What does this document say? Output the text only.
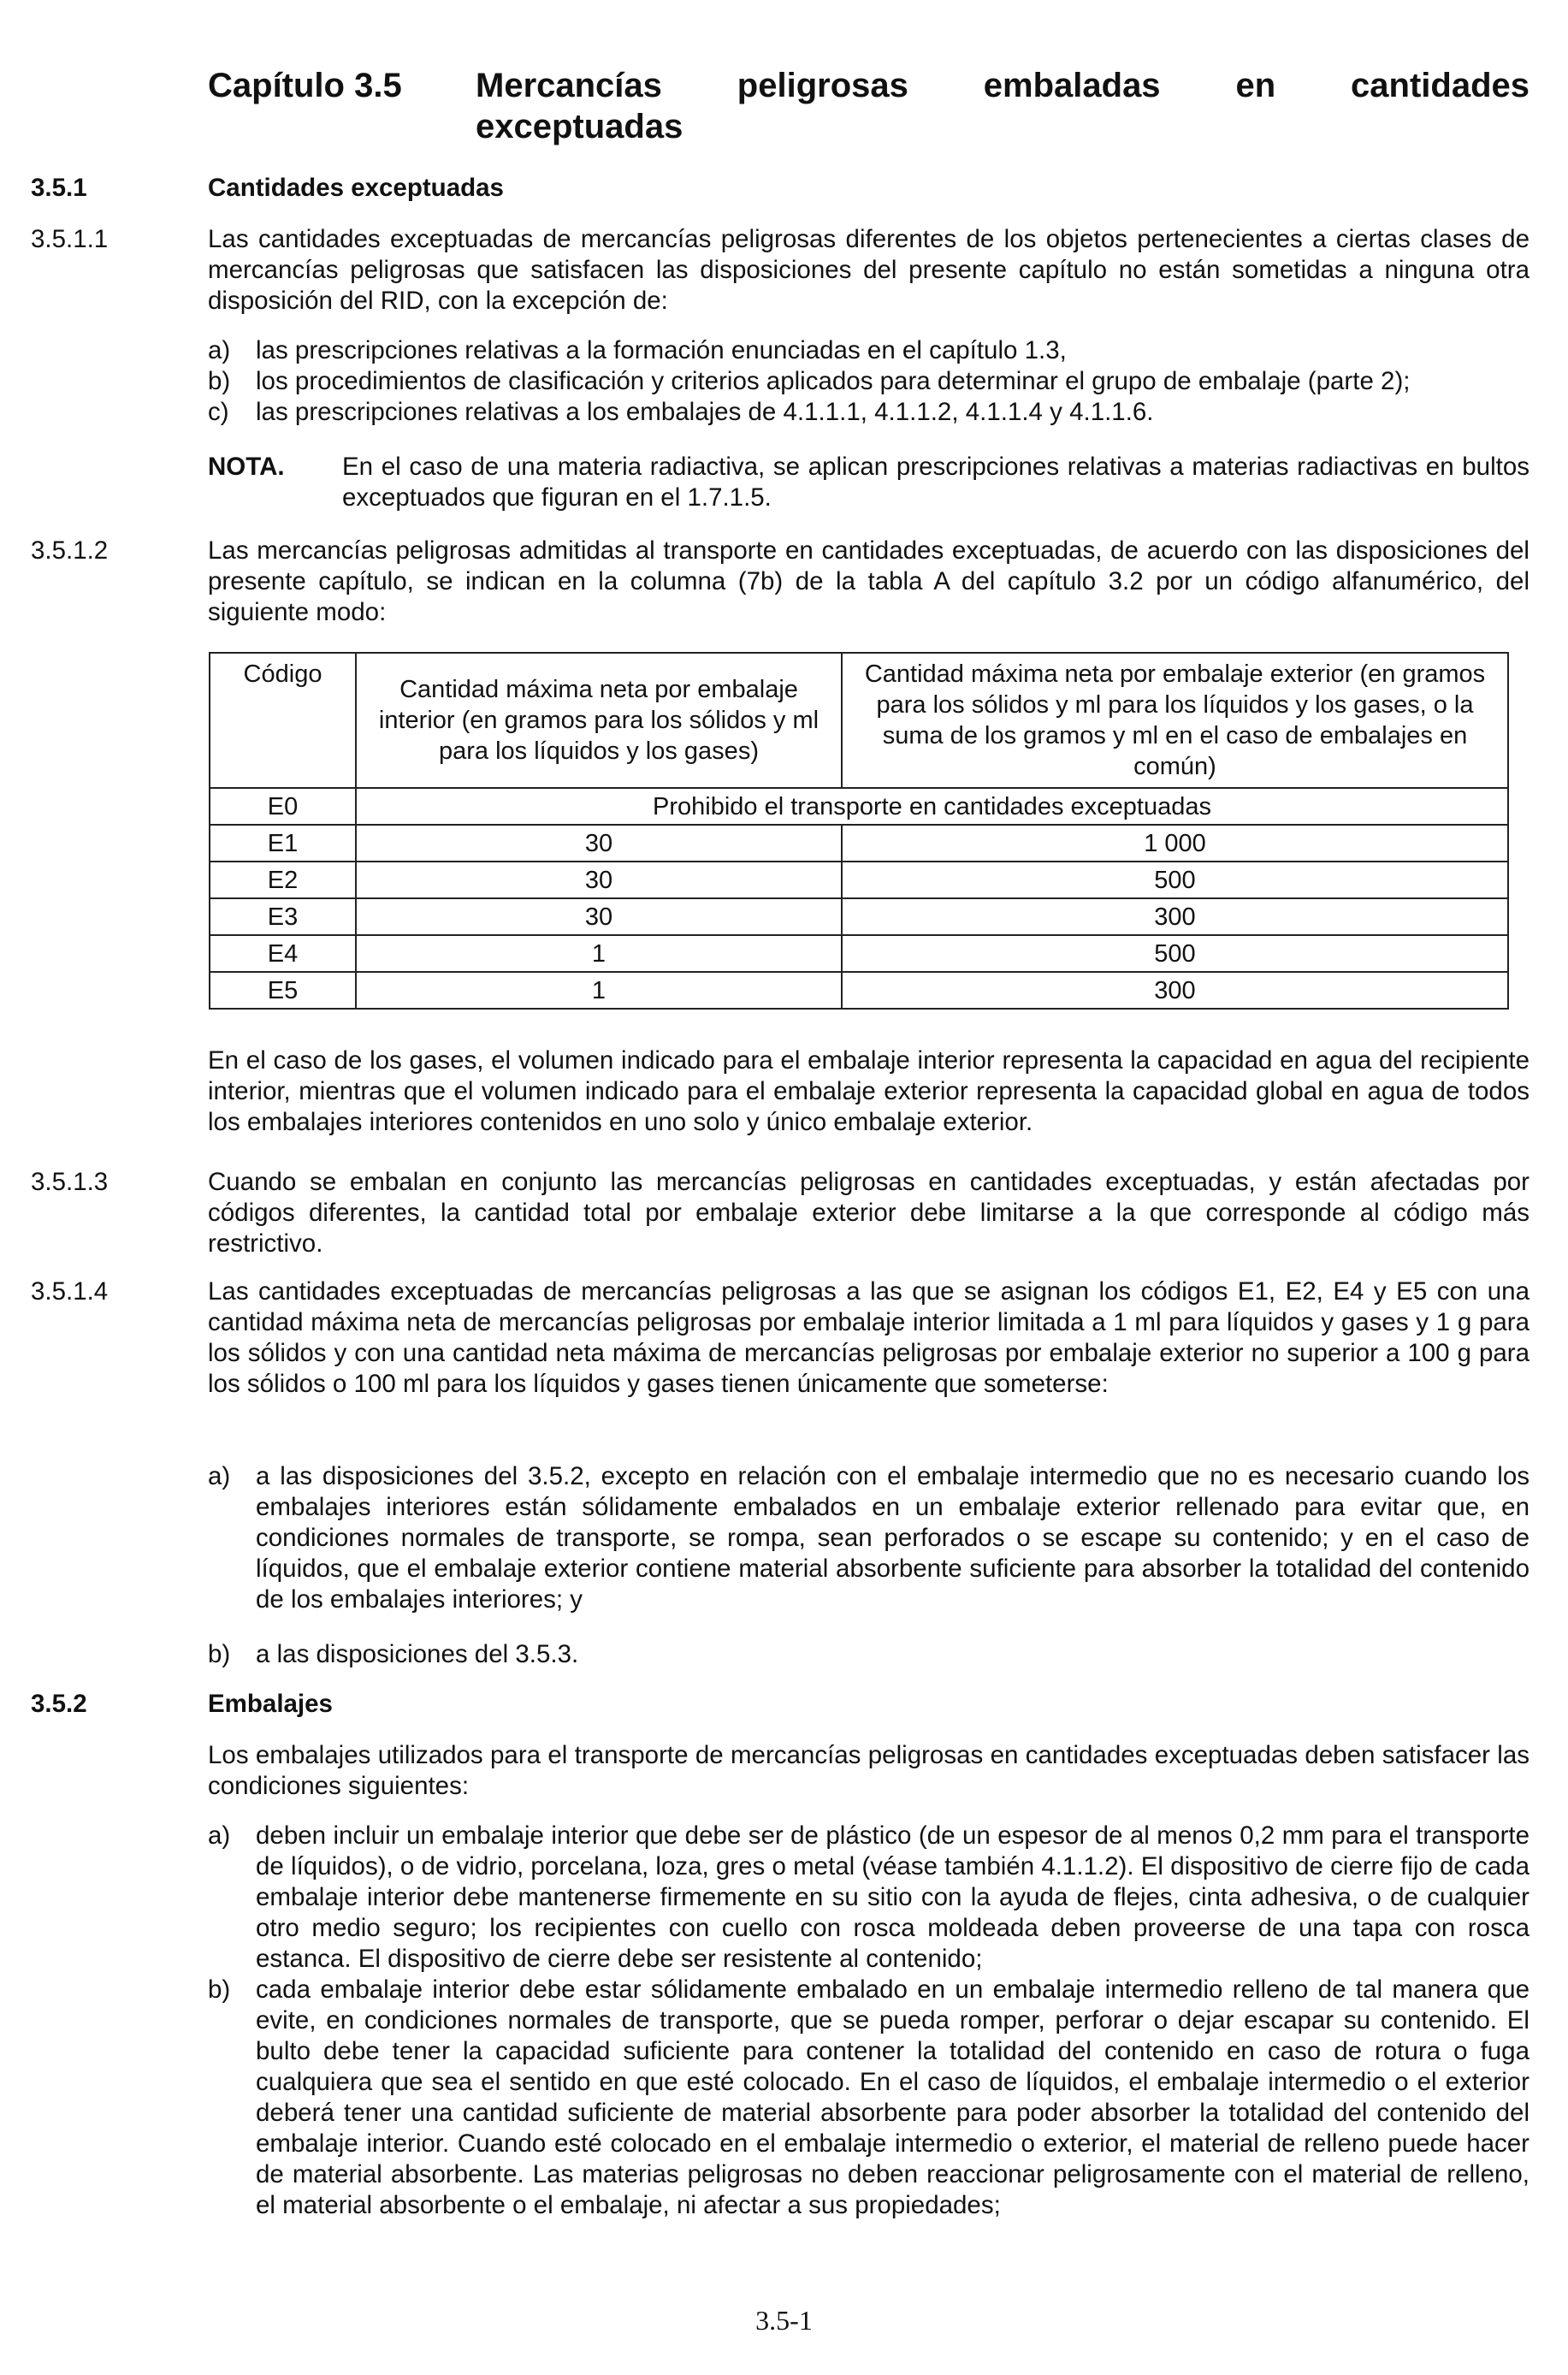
Capítulo 3.5 Mercancías peligrosas embaladas en cantidades
exceptuadas
3.5.1	Cantidades exceptuadas
3.5.1.1	Las cantidades exceptuadas de mercancías peligrosas diferentes de los objetos pertenecientes a ciertas clases de mercancías peligrosas que satisfacen las disposiciones del presente capítulo no están sometidas a ninguna otra disposición del RID, con la excepción de:

a) las prescripciones relativas a la formación enunciadas en el capítulo 1.3,
b) los procedimientos de clasificación y criterios aplicados para determinar el grupo de embalaje (parte 2);
c) las prescripciones relativas a los embalajes de 4.1.1.1, 4.1.1.2, 4.1.1.4 y 4.1.1.6.
NOTA. En el caso de una materia radiactiva, se aplican prescripciones relativas a materias radiactivas en bultos exceptuados que figuran en el 1.7.1.5.
3.5.1.2	Las mercancías peligrosas admitidas al transporte en cantidades exceptuadas, de acuerdo con las disposiciones del presente capítulo, se indican en la columna (7b) de la tabla A del capítulo 3.2 por un código alfanumérico, del siguiente modo:

Código	Cantidad máxima neta por embalaje interior (en gramos para los sólidos y ml para los líquidos y los gases)	Cantidad máxima neta por embalaje exterior (en gramos para los sólidos y ml para los líquidos y los gases, o la suma de los gramos y ml en el caso de embalajes en común)
E0	Prohibido el transporte en cantidades exceptuadas	
E1	30	1 000
E2	30	500
E3	30	300
E4	1	500
E5	1	300

En el caso de los gases, el volumen indicado para el embalaje interior representa la capacidad en agua del recipiente interior, mientras que el volumen indicado para el embalaje exterior representa la capacidad global en agua de todos los embalajes interiores contenidos en uno solo y único embalaje exterior.

3.5.1.3	Cuando se embalan en conjunto las mercancías peligrosas en cantidades exceptuadas, y están afectadas por códigos diferentes, la cantidad total por embalaje exterior debe limitarse a la que corresponde al código más restrictivo.

3.5.1.4	Las cantidades exceptuadas de mercancías peligrosas a las que se asignan los códigos E1, E2, E4 y E5 con una cantidad máxima neta de mercancías peligrosas por embalaje interior limitada a 1 ml para líquidos y gases y 1 g para los sólidos y con una cantidad neta máxima de mercancías peligrosas por embalaje exterior no superior a 100 g para los sólidos o 100 ml para los líquidos y gases tienen únicamente que someterse:

a) a las disposiciones del 3.5.2, excepto en relación con el embalaje intermedio que no es necesario cuando los embalajes interiores están sólidamente embalados en un embalaje exterior rellenado para evitar que, en condiciones normales de transporte, se rompa, sean perforados o se escape su contenido; y en el caso de líquidos, que el embalaje exterior contiene material absorbente suficiente para absorber la totalidad del contenido de los embalajes interiores; y
b) a las disposiciones del 3.5.3.
3.5.2	Embalajes

Los embalajes utilizados para el transporte de mercancías peligrosas en cantidades exceptuadas deben satisfacer las condiciones siguientes:

a) deben incluir un embalaje interior que debe ser de plástico (de un espesor de al menos 0,2 mm para el transporte de líquidos), o de vidrio, porcelana, loza, gres o metal (véase también 4.1.1.2). El dispositivo de cierre fijo de cada embalaje interior debe mantenerse firmemente en su sitio con la ayuda de flejes, cinta adhesiva, o de cualquier otro medio seguro; los recipientes con cuello con rosca moldeada deben proveerse de una tapa con rosca estanca. El dispositivo de cierre debe ser resistente al contenido;
b) cada embalaje interior debe estar sólidamente embalado en un embalaje intermedio relleno de tal manera que evite, en condiciones normales de transporte, que se pueda romper, perforar o dejar escapar su contenido. El bulto debe tener la capacidad suficiente para contener la totalidad del contenido en caso de rotura o fuga cualquiera que sea el sentido en que esté colocado. En el caso de líquidos, el embalaje intermedio o el exterior deberá tener una cantidad suficiente de material absorbente para poder absorber la totalidad del contenido del embalaje interior. Cuando esté colocado en el embalaje intermedio o exterior, el material de relleno puede hacer de material absorbente. Las materias peligrosas no deben reaccionar peligrosamente con el material de relleno, el material absorbente o el embalaje, ni afectar a sus propiedades;
3.5-1
